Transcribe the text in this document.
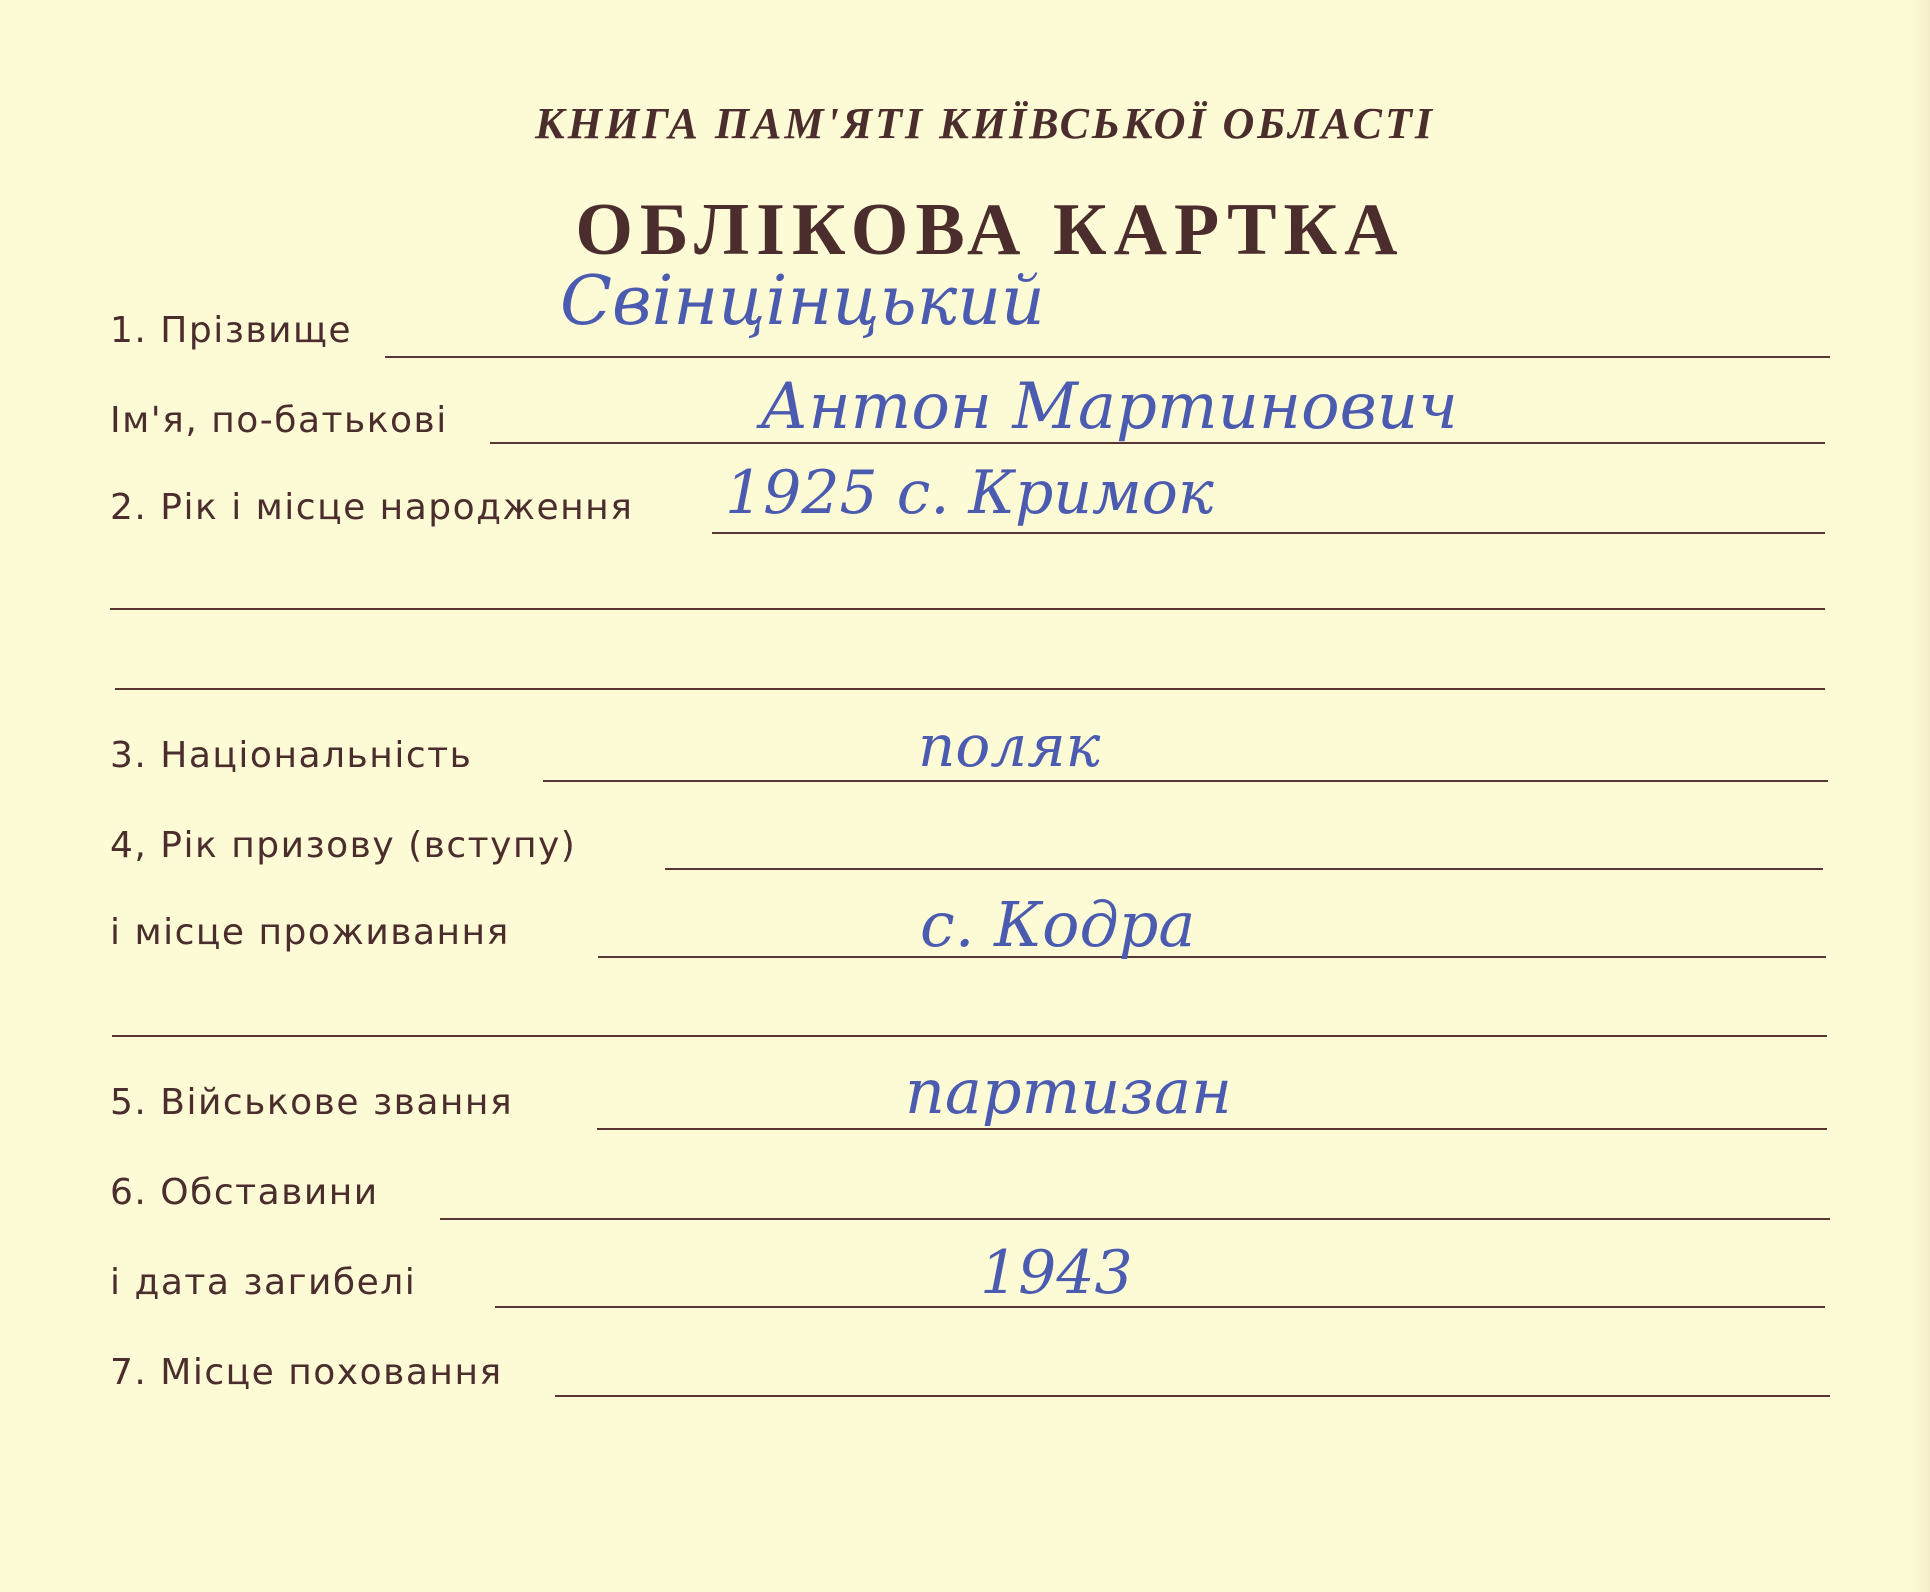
КНИГА ПАМ'ЯТІ КИЇВСЬКОЇ ОБЛАСТІ
ОБЛІКОВА КАРТКА
1. Прізвище	Свінцінцький
Ім'я, по-батькові	Антон Мартинович
2. Рік і місце народження 1925 с. Кримок
3. Національність	поляк
4, Рік призову (вступу)
і місце проживання	с. Кодра
5. Військове звання	партизан
6. Обставини
і дата загибелі	1943
7. Місце поховання
